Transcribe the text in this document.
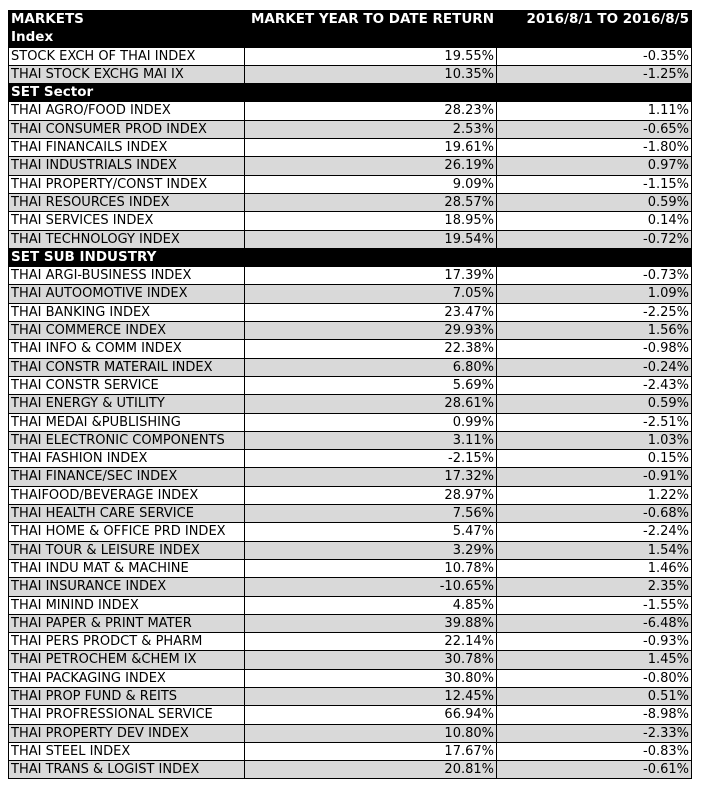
MARKETS	MARKET YEAR TO DATE RETURN	2016/8/1 TO 2016/8/5
Index		
STOCK EXCH OF THAI INDEX	19.55%	-0.35%
THAI STOCK EXCHG MAI IX	10.35%	-1.25%
SET Sector		
THAI AGRO/FOOD INDEX	28.23%	1.11%
THAI CONSUMER PROD INDEX	2.53%	-0.65%
THAI FINANCAILS INDEX	19.61%	-1.80%
THAI INDUSTRIALS INDEX	26.19%	0.97%
THAI PROPERTY/CONST INDEX	9.09%	-1.15%
THAI RESOURCES INDEX	28.57%	0.59%
THAI SERVICES INDEX	18.95%	0.14%
THAI TECHNOLOGY INDEX	19.54%	-0.72%
SET SUB INDUSTRY		
THAI ARGI-BUSINESS INDEX	17.39%	-0.73%
THAI AUTOOMOTIVE INDEX	7.05%	1.09%
THAI BANKING INDEX	23.47%	-2.25%
THAI COMMERCE INDEX	29.93%	1.56%
THAI INFO & COMM INDEX	22.38%	-0.98%
THAI CONSTR MATERAIL INDEX	6.80%	-0.24%
THAI CONSTR SERVICE	5.69%	-2.43%
THAI ENERGY & UTILITY	28.61%	0.59%
THAI MEDAI &PUBLISHING	0.99%	-2.51%
THAI ELECTRONIC COMPONENTS	3.11%	1.03%
THAI FASHION INDEX	-2.15%	0.15%
THAI FINANCE/SEC INDEX	17.32%	-0.91%
THAIFOOD/BEVERAGE INDEX	28.97%	1.22%
THAI HEALTH CARE SERVICE	7.56%	-0.68%
THAI HOME & OFFICE PRD INDEX	5.47%	-2.24%
THAI TOUR & LEISURE INDEX	3.29%	1.54%
THAI INDU MAT & MACHINE	10.78%	1.46%
THAI INSURANCE INDEX	-10.65%	2.35%
THAI MININD INDEX	4.85%	-1.55%
THAI PAPER & PRINT MATER	39.88%	-6.48%
THAI PERS PRODCT & PHARM	22.14%	-0.93%
THAI PETROCHEM &CHEM IX	30.78%	1.45%
THAI PACKAGING INDEX	30.80%	-0.80%
THAI PROP FUND & REITS	12.45%	0.51%
THAI PROFRESSIONAL SERVICE	66.94%	-8.98%
THAI PROPERTY DEV INDEX	10.80%	-2.33%
THAI STEEL INDEX	17.67%	-0.83%
THAI TRANS & LOGIST INDEX	20.81%	-0.61%
